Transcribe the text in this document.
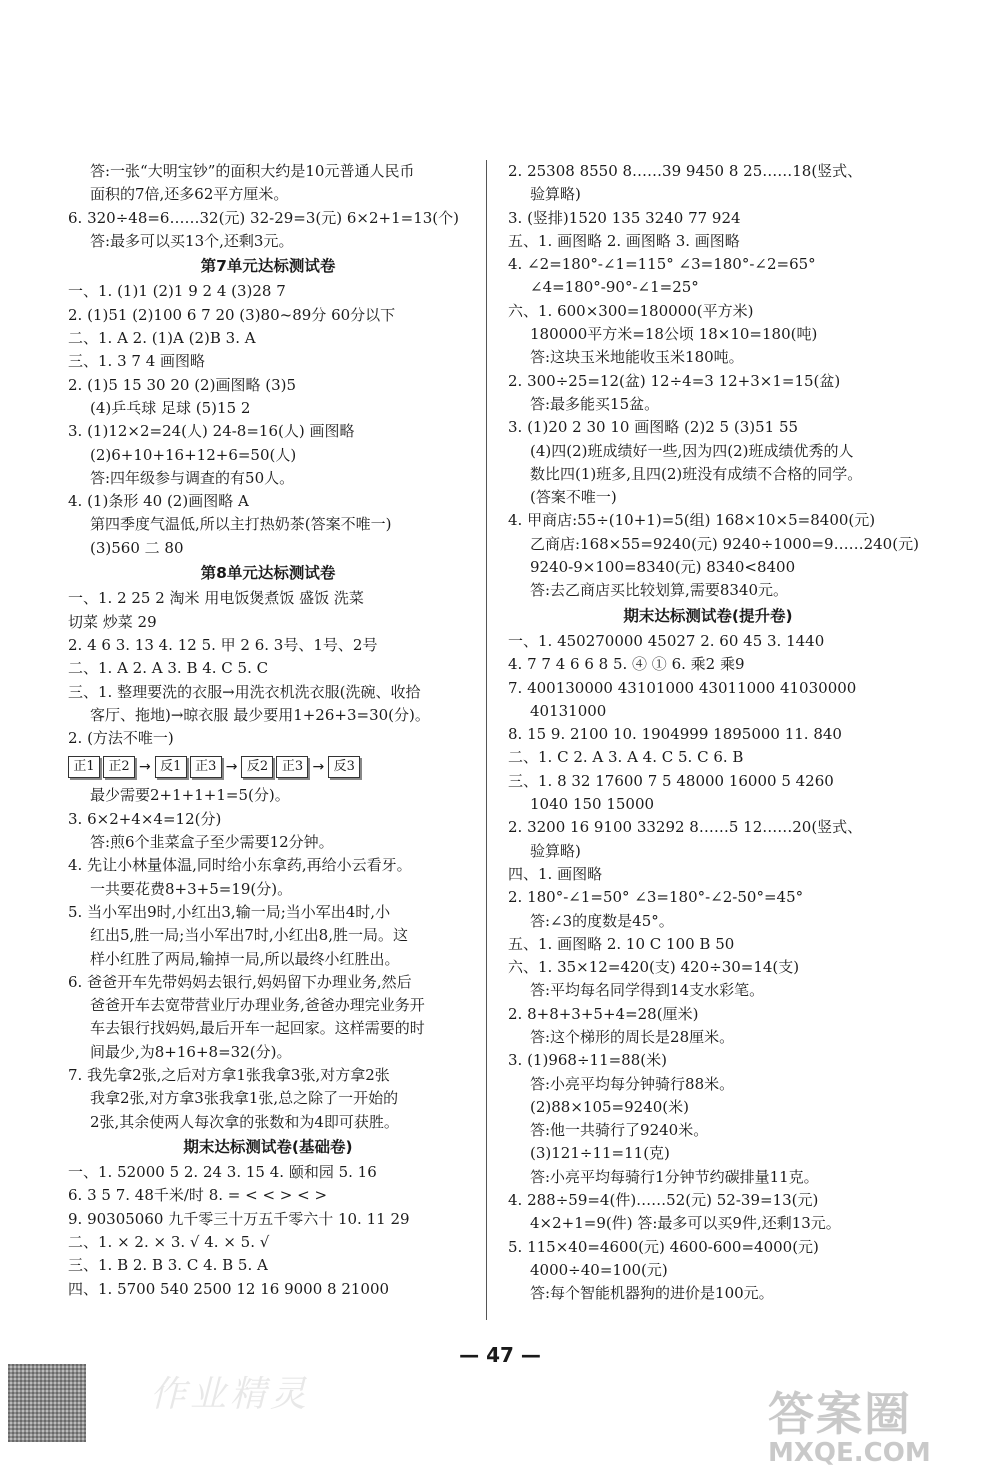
答:一张“大明宝钞”的面积大约是10元普通人民币
面积的7倍,还多62平方厘米。
6. 320÷48=6……32(元) 32-29=3(元) 6×2+1=13(个)
答:最多可以买13个,还剩3元。
第7单元达标测试卷
一、1. (1)1 (2)1 9 2 4 (3)28 7
2. (1)51 (2)100 6 7 20 (3)80~89分 60分以下
二、1. A 2. (1)A (2)B 3. A
三、1. 3 7 4 画图略
2. (1)5 15 30 20 (2)画图略 (3)5
(4)乒乓球 足球 (5)15 2
3. (1)12×2=24(人) 24-8=16(人) 画图略
(2)6+10+16+12+6=50(人)
答:四年级参与调查的有50人。
4. (1)条形 40 (2)画图略 A
第四季度气温低,所以主打热奶茶(答案不唯一)
(3)560 二 80
第8单元达标测试卷
一、1. 2 25 2 淘米 用电饭煲煮饭 盛饭 洗菜
切菜 炒菜 29
2. 4 6 3. 13 4. 12 5. 甲 2 6. 3号、1号、2号
二、1. A 2. A 3. B 4. C 5. C
三、1. 整理要洗的衣服→用洗衣机洗衣服(洗碗、收拾
客厅、拖地)→晾衣服 最少要用1+26+3=30(分)。
2. (方法不唯一)
正1	正2 → 反1	正3 → 反2	正3 → 反3
最少需要2+1+1+1=5(分)。
3. 6×2+4×4=12(分)
答:煎6个韭菜盒子至少需要12分钟。
4. 先让小林量体温,同时给小东拿药,再给小云看牙。
一共要花费8+3+5=19(分)。
5. 当小军出9时,小红出3,输一局;当小军出4时,小
红出5,胜一局;当小军出7时,小红出8,胜一局。这
样小红胜了两局,输掉一局,所以最终小红胜出。
6. 爸爸开车先带妈妈去银行,妈妈留下办理业务,然后
爸爸开车去宽带营业厅办理业务,爸爸办理完业务开
车去银行找妈妈,最后开车一起回家。这样需要的时
间最少,为8+16+8=32(分)。
7. 我先拿2张,之后对方拿1张我拿3张,对方拿2张
我拿2张,对方拿3张我拿1张,总之除了一开始的
2张,其余使两人每次拿的张数和为4即可获胜。
期末达标测试卷(基础卷)
一、1. 52000 5 2. 24 3. 15 4. 颐和园 5. 16
6. 3 5 7. 48千米/时 8. = < < > < >
9. 90305060 九千零三十万五千零六十 10. 11 29
二、1. × 2. × 3. √ 4. × 5. √
三、1. B 2. B 3. C 4. B 5. A
四、1. 5700 540 2500 12 16 9000 8 21000
2. 25308 8550 8……39 9450 8 25……18(竖式、
验算略)
3. (竖排)1520 135 3240 77 924
五、1. 画图略 2. 画图略 3. 画图略
4. ∠2=180°-∠1=115° ∠3=180°-∠2=65°
∠4=180°-90°-∠1=25°
六、1. 600×300=180000(平方米)
180000平方米=18公顷 18×10=180(吨)
答:这块玉米地能收玉米180吨。
2. 300÷25=12(盆) 12÷4=3 12+3×1=15(盆)
答:最多能买15盆。
3. (1)20 2 30 10 画图略 (2)2 5 (3)51 55
(4)四(2)班成绩好一些,因为四(2)班成绩优秀的人
数比四(1)班多,且四(2)班没有成绩不合格的同学。
(答案不唯一)
4. 甲商店:55÷(10+1)=5(组) 168×10×5=8400(元)
乙商店:168×55=9240(元) 9240÷1000=9……240(元)
9240-9×100=8340(元) 8340<8400
答:去乙商店买比较划算,需要8340元。
期末达标测试卷(提升卷)
一、1. 450270000 45027 2. 60 45 3. 1440
4. 7 7 4 6 6 8 5. ④ ① 6. 乘2 乘9
7. 400130000 43101000 43011000 41030000
40131000
8. 15 9. 2100 10. 1904999 1895000 11. 840
二、1. C 2. A 3. A 4. C 5. C 6. B
三、1. 8 32 17600 7 5 48000 16000 5 4260
1040 150 15000
2. 3200 16 9100 33292 8……5 12……20(竖式、
验算略)
四、1. 画图略
2. 180°-∠1=50° ∠3=180°-∠2-50°=45°
答:∠3的度数是45°。
五、1. 画图略 2. 10 C 100 B 50
六、1. 35×12=420(支) 420÷30=14(支)
答:平均每名同学得到14支水彩笔。
2. 8+8+3+5+4=28(厘米)
答:这个梯形的周长是28厘米。
3. (1)968÷11=88(米)
答:小亮平均每分钟骑行88米。
(2)88×105=9240(米)
答:他一共骑行了9240米。
(3)121÷11=11(克)
答:小亮平均每骑行1分钟节约碳排量11克。
4. 288÷59=4(件)……52(元) 52-39=13(元)
4×2+1=9(件) 答:最多可以买9件,还剩13元。
5. 115×40=4600(元) 4600-600=4000(元)
4000÷40=100(元)
答:每个智能机器狗的进价是100元。
— 47 —
作业精灵	答案圈
MXQE.COM
